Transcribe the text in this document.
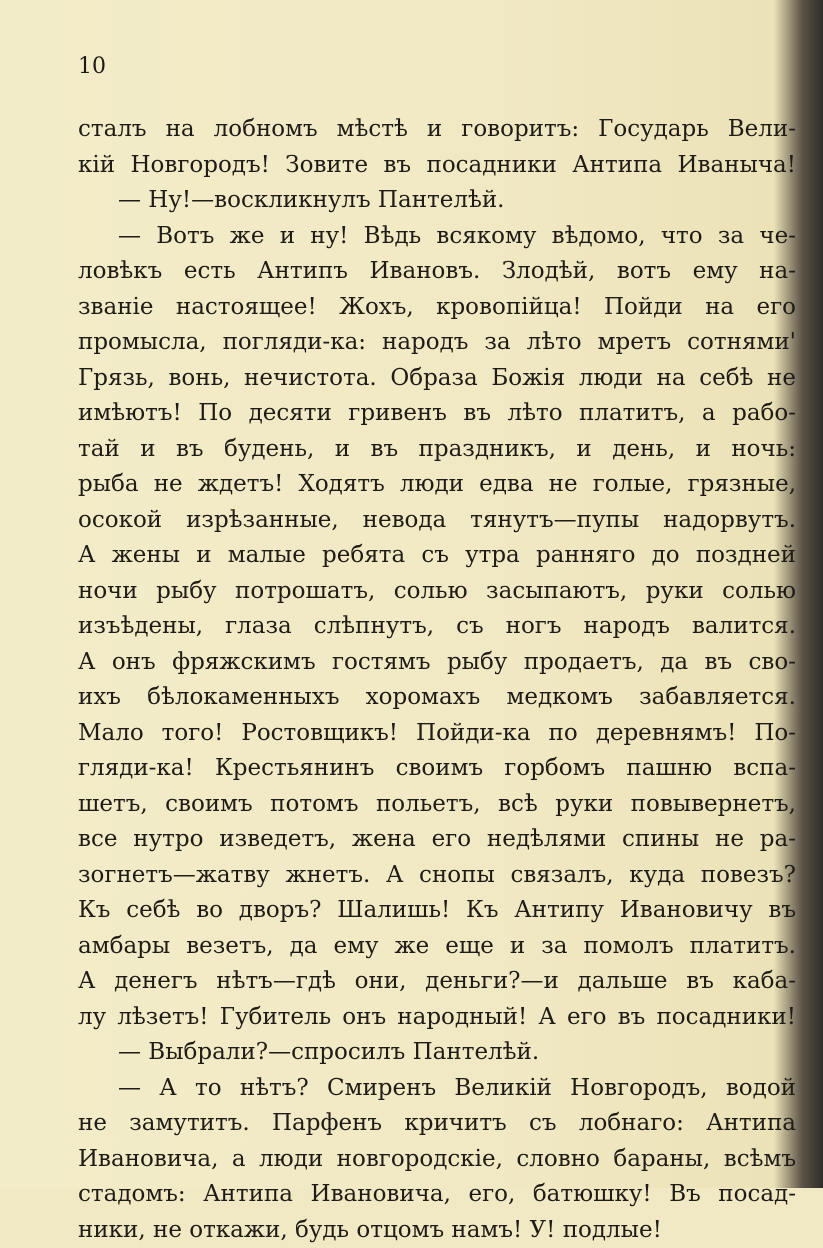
10
сталъ на лобномъ мѣстѣ и говоритъ: Государь Вели-
кій Новгородъ! Зовите въ посадники Антипа Иваныча!
— Ну!—воскликнулъ Пантелѣй.
— Вотъ же и ну! Вѣдь всякому вѣдомо, что за че-
ловѣкъ есть Антипъ Ивановъ. Злодѣй, вотъ ему на-
званіе настоящее! Жохъ, кровопійца! Пойди на его
промысла, погляди-ка: народъ за лѣто мретъ сотнями'
Грязь, вонь, нечистота. Образа Божія люди на себѣ не
имѣютъ! По десяти гривенъ въ лѣто платитъ, а рабо-
тай и въ будень, и въ праздникъ, и день, и ночь:
рыба не ждетъ! Ходятъ люди едва не голые, грязные,
осокой изрѣзанные, невода тянутъ—пупы надорвутъ.
А жены и малые ребята съ утра ранняго до поздней
ночи рыбу потрошатъ, солью засыпаютъ, руки солью
изъѣдены, глаза слѣпнутъ, съ ногъ народъ валится.
А онъ фряжскимъ гостямъ рыбу продаетъ, да въ сво-
ихъ бѣлокаменныхъ хоромахъ медкомъ забавляется.
Мало того! Ростовщикъ! Пойди-ка по деревнямъ! По-
гляди-ка! Крестьянинъ своимъ горбомъ пашню вспа-
шетъ, своимъ потомъ польетъ, всѣ руки повывернетъ,
все нутро изведетъ, жена его недѣлями спины не ра-
зогнетъ—жатву жнетъ. А снопы связалъ, куда повезъ?
Къ себѣ во дворъ? Шалишь! Къ Антипу Ивановичу въ
амбары везетъ, да ему же еще и за помолъ платитъ.
А денегъ нѣтъ—гдѣ они, деньги?—и дальше въ каба-
лу лѣзетъ! Губитель онъ народный! А его въ посадники!
— Выбрали?—спросилъ Пантелѣй.
— А то нѣтъ? Смиренъ Великій Новгородъ, водой
не замутитъ. Парфенъ кричитъ съ лобнаго: Антипа
Ивановича, а люди новгородскіе, словно бараны, всѣмъ
стадомъ: Антипа Ивановича, его, батюшку! Въ посад-
ники, не откажи, будь отцомъ намъ! У! подлые!
